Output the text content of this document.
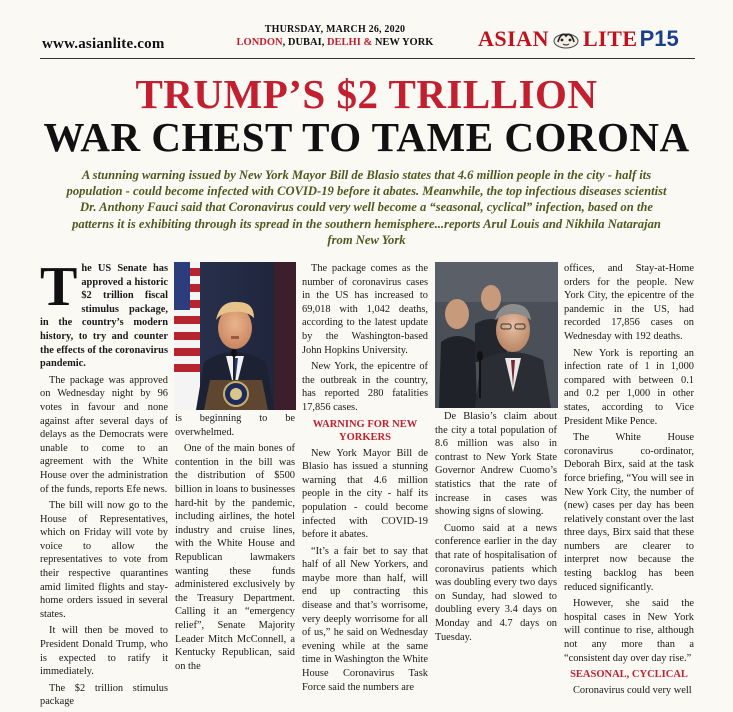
www.asianlite.com
THURSDAY, MARCH 26, 2020
LONDON, DUBAI, DELHI & NEW YORK	ASIAN LITE P15
TRUMP’S $2 TRILLION
WAR CHEST TO TAME CORONA
A stunning warning issued by New York Mayor Bill de Blasio states that 4.6 million people in the city - half its population - could become infected with COVID-19 before it abates. Meanwhile, the top infectious diseases scientist Dr. Anthony Fauci said that Coronavirus could very well become a “seasonal, cyclical” infection, based on the patterns it is exhibiting through its spread in the southern hemisphere...reports Arul Louis and Nikhila Natarajan from New York

The US Senate has approved a historic $2 trillion fiscal stimulus package, in the country’s modern history, to try and counter the effects of the coronavirus pandemic.

The package was approved on Wednesday night by 96 votes in favour and none against after several days of delays as the Democrats were unable to come to an agreement with the White House over the administration of the funds, reports Efe news.

The bill will now go to the House of Representatives, which on Friday will vote by voice to allow the representatives to vote from their respective quarantines amid limited flights and stay-home orders issued in several states.

It will then be moved to President Donald Trump, who is expected to ratify it immediately.

The $2 trillion stimulus package

is beginning to be overwhelmed.

One of the main bones of contention in the bill was the distribution of $500 billion in loans to businesses hard-hit by the pandemic, including airlines, the hotel industry and cruise lines, with the White House and Republican lawmakers wanting these funds administered exclusively by the Treasury Department. Calling it an “emergency relief”, Senate Majority Leader Mitch McConnell, a Kentucky Republican, said on the

The package comes as the number of coronavirus cases in the US has increased to 69,018 with 1,042 deaths, according to the latest update by the Washington-based John Hopkins University.

New York, the epicentre of the outbreak in the country, has reported 280 fatalities 17,856 cases.

WARNING FOR NEW YORKERS

New York Mayor Bill de Blasio has issued a stunning warning that 4.6 million people in the city - half its population - could become infected with COVID-19 before it abates.

“It’s a fair bet to say that half of all New Yorkers, and maybe more than half, will end up contracting this disease and that’s worrisome, very deeply worrisome for all of us,” he said on Wednesday evening while at the same time in Washington the White House Coronavirus Task Force said the numbers are

De Blasio’s claim about the city a total population of 8.6 million was also in contrast to New York State Governor Andrew Cuomo’s statistics that the rate of increase in cases was showing signs of slowing.

Cuomo said at a news conference earlier in the day that rate of hospitalisation of coronavirus patients which was doubling every two days on Sunday, had slowed to doubling every 3.4 days on Monday and 4.7 days on Tuesday.

offices, and Stay-at-Home orders for the people. New York City, the epicentre of the pandemic in the US, had recorded 17,856 cases on Wednesday with 192 deaths.

New York is reporting an infection rate of 1 in 1,000 compared with between 0.1 and 0.2 per 1,000 in other states, according to Vice President Mike Pence.

The White House coronavirus co-ordinator, Deborah Birx, said at the task force briefing, “You will see in New York City, the number of (new) cases per day has been relatively constant over the last three days, Birx said that these numbers are clearer to interpret now because the testing backlog has been reduced significantly.

However, she said the hospital cases in New York will continue to rise, although not any more than a “consistent day over day rise.”

SEASONAL, CYCLICAL

Coronavirus could very well
